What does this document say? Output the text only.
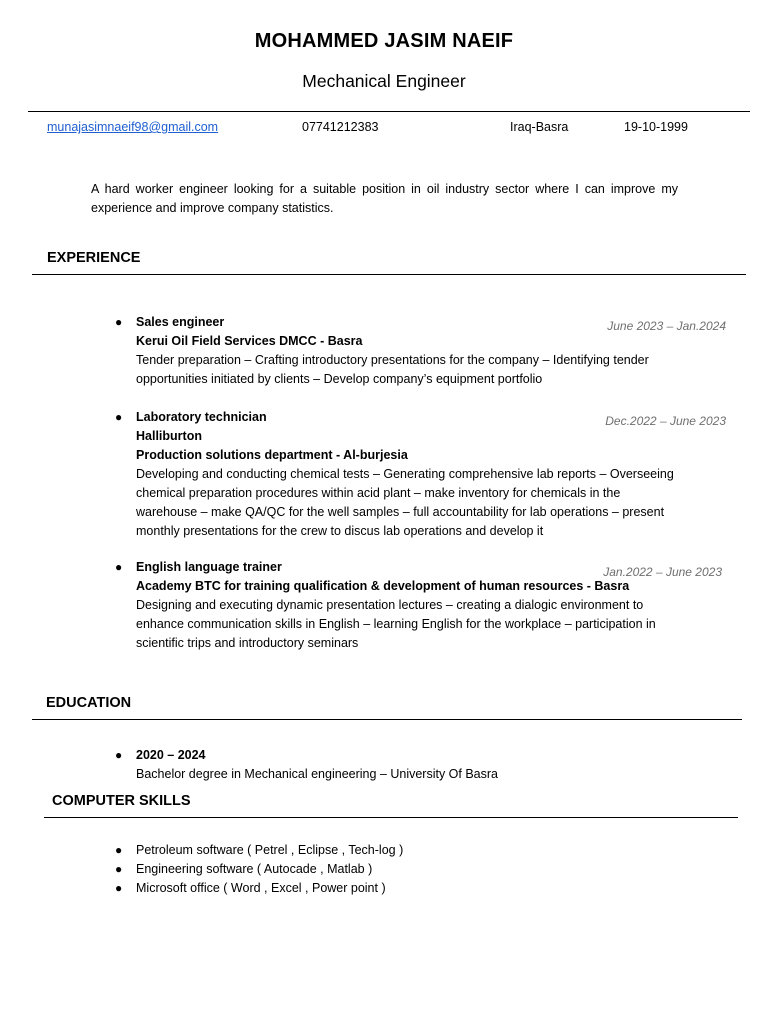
MOHAMMED JASIM NAEIF
Mechanical Engineer
munajasimnaeif98@gmail.com	07741212383	Iraq-Basra	19-10-1999
A hard worker engineer looking for a suitable position in oil industry sector where I can improve my experience and improve company statistics.
EXPERIENCE
● Sales engineer
Kerui Oil Field Services DMCC - Basra
Tender preparation – Crafting introductory presentations for the company – Identifying tender
opportunities initiated by clients – Develop company’s equipment portfolio
June 2023 – Jan.2024
● Laboratory technician
Halliburton
Production solutions department - Al-burjesia
Developing and conducting chemical tests – Generating comprehensive lab reports – Overseeing
chemical preparation procedures within acid plant – make inventory for chemicals in the
warehouse – make QA/QC for the well samples – full accountability for lab operations – present
monthly presentations for the crew to discus lab operations and develop it
Dec.2022 – June 2023
● English language trainer
Academy BTC for training qualification & development of human resources - Basra
Designing and executing dynamic presentation lectures – creating a dialogic environment to
enhance communication skills in English – learning English for the workplace – participation in
scientific trips and introductory seminars
Jan.2022 – June 2023
EDUCATION
● 2020 – 2024
Bachelor degree in Mechanical engineering – University Of Basra
COMPUTER SKILLS
● Petroleum software ( Petrel , Eclipse , Tech-log )
● Engineering software ( Autocade , Matlab )
● Microsoft office ( Word , Excel , Power point )
